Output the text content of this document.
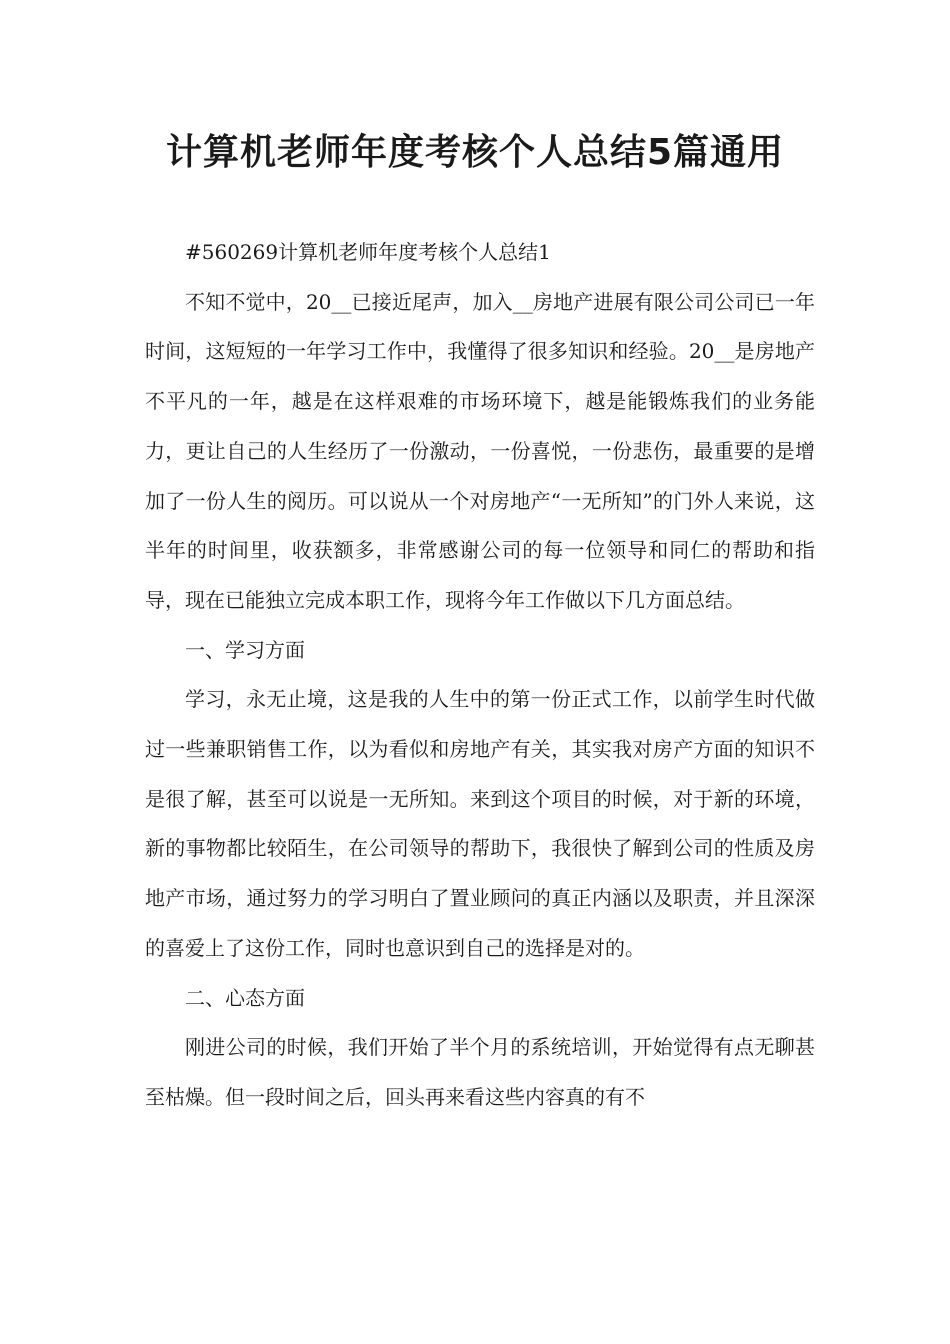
计算机老师年度考核个人总结5篇通用

#560269计算机老师年度考核个人总结1

不知不觉中，20__已接近尾声，加入__房地产进展有限公司公司已一年时间，这短短的一年学习工作中，我懂得了很多知识和经验。20__是房地产不平凡的一年，越是在这样艰难的市场环境下，越是能锻炼我们的业务能力，更让自己的人生经历了一份激动，一份喜悦，一份悲伤，最重要的是增加了一份人生的阅历。可以说从一个对房地产“一无所知”的门外人来说，这半年的时间里，收获额多，非常感谢公司的每一位领导和同仁的帮助和指导，现在已能独立完成本职工作，现将今年工作做以下几方面总结。

一、学习方面

学习，永无止境，这是我的人生中的第一份正式工作，以前学生时代做过一些兼职销售工作，以为看似和房地产有关，其实我对房产方面的知识不是很了解，甚至可以说是一无所知。来到这个项目的时候，对于新的环境，新的事物都比较陌生，在公司领导的帮助下，我很快了解到公司的性质及房地产市场，通过努力的学习明白了置业顾问的真正内涵以及职责，并且深深的喜爱上了这份工作，同时也意识到自己的选择是对的。

二、心态方面

刚进公司的时候，我们开始了半个月的系统培训，开始觉得有点无聊甚至枯燥。但一段时间之后，回头再来看这些内容真的有不
